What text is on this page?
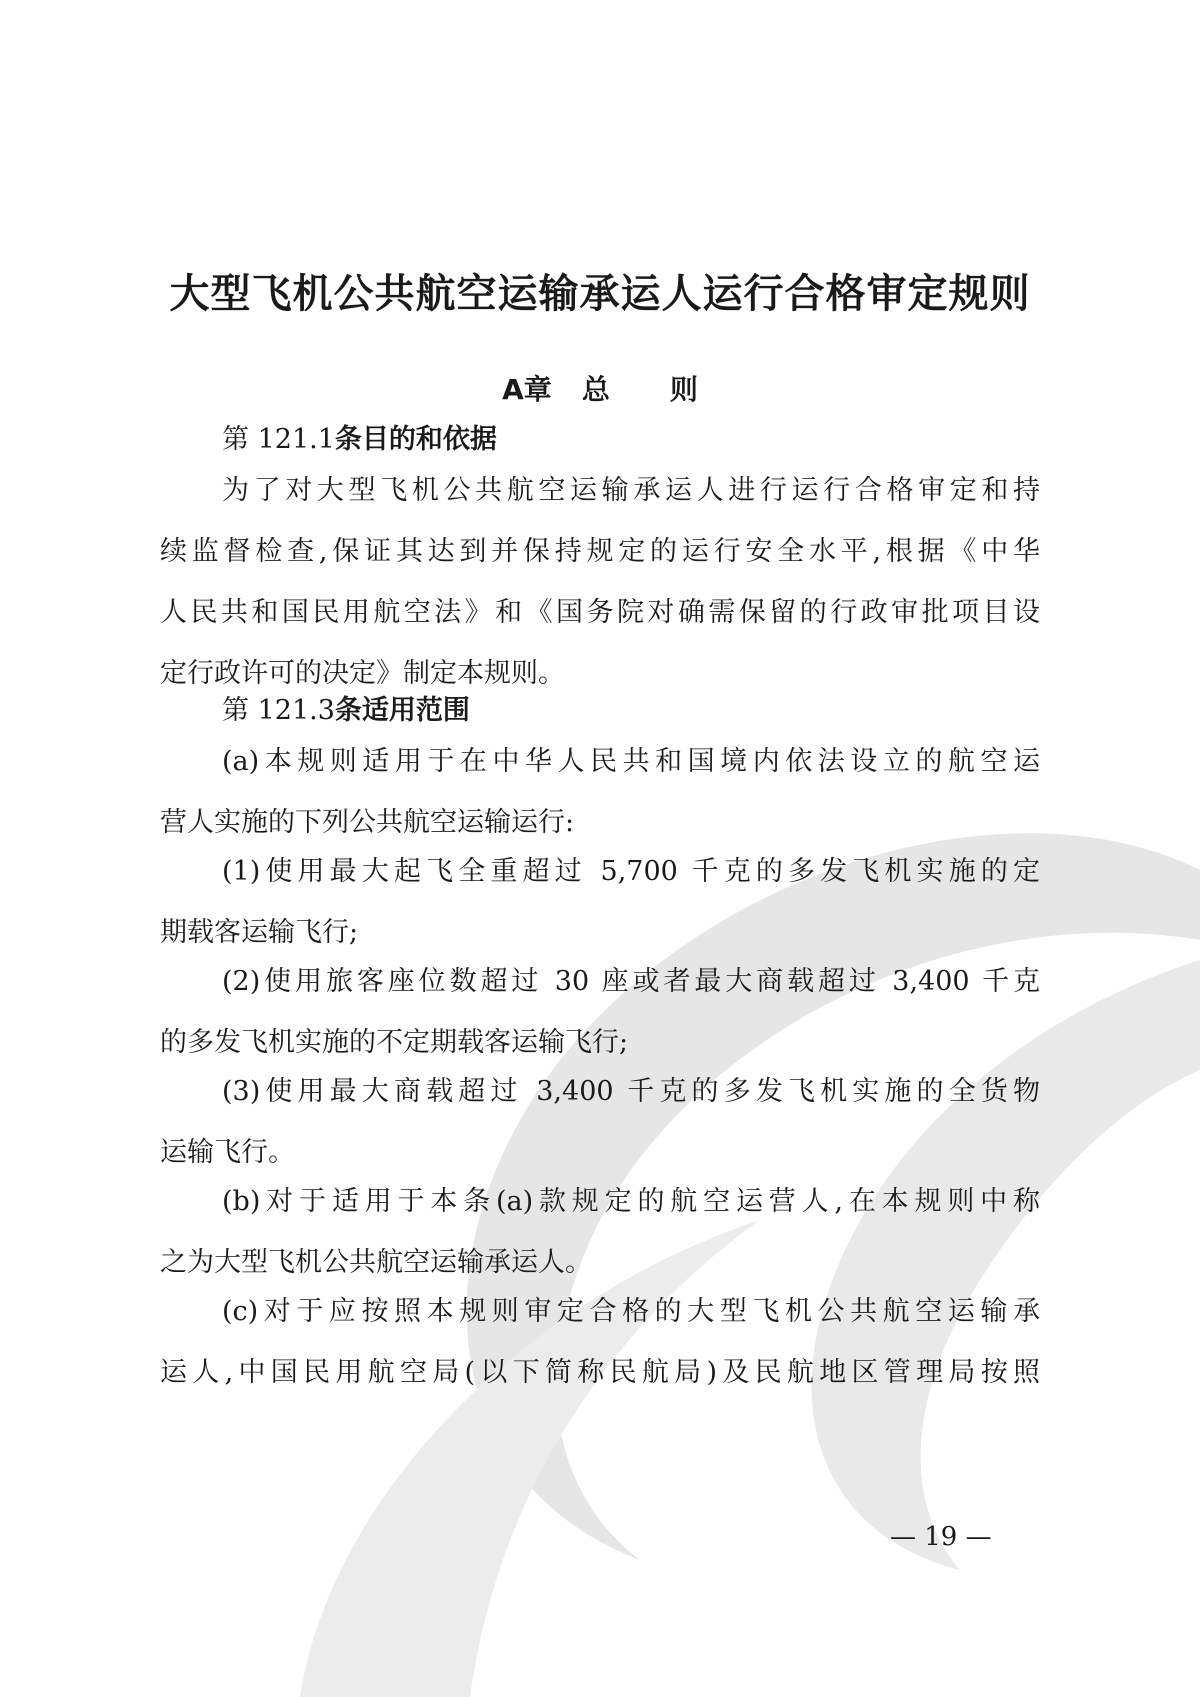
大型飞机公共航空运输承运人运行合格审定规则
A章 总 则
第 121.1条目的和依据
为了对大型飞机公共航空运输承运人进行运行合格审定和持
续监督检查,保证其达到并保持规定的运行安全水平,根据《中华
人民共和国民用航空法》和《国务院对确需保留的行政审批项目设
定行政许可的决定》制定本规则。
第 121.3条适用范围
(a)本规则适用于在中华人民共和国境内依法设立的航空运
营人实施的下列公共航空运输运行:
(1)使用最大起飞全重超过 5,700 千克的多发飞机实施的定
期载客运输飞行;
(2)使用旅客座位数超过 30 座或者最大商载超过 3,400 千克
的多发飞机实施的不定期载客运输飞行;
(3)使用最大商载超过 3,400 千克的多发飞机实施的全货物
运输飞行。
(b)对于适用于本条(a)款规定的航空运营人,在本规则中称
之为大型飞机公共航空运输承运人。
(c)对于应按照本规则审定合格的大型飞机公共航空运输承
运人,中国民用航空局(以下简称民航局)及民航地区管理局按照
— 19 —
